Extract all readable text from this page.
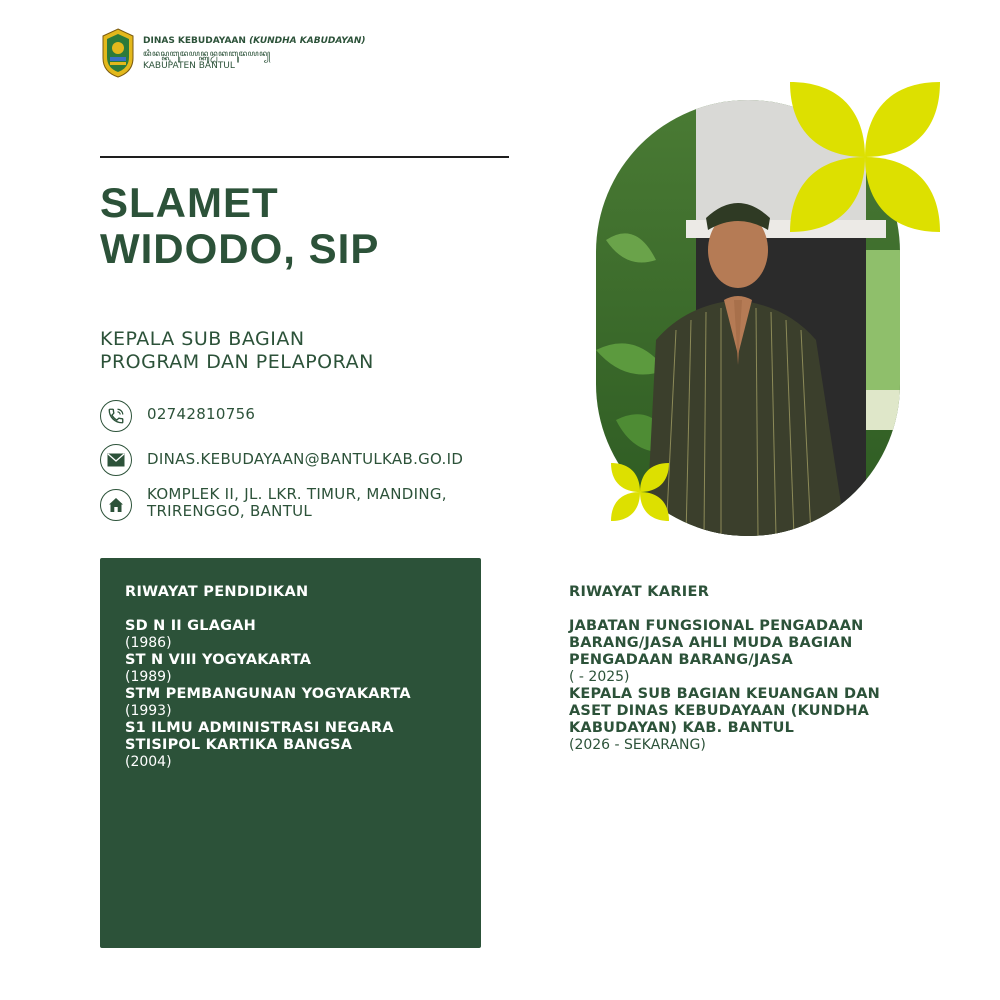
DINAS KEBUDAYAAN (KUNDHA KABUDAYAN)
ꦢꦶꦤꦱ꧀ꦏꦧꦸꦢꦪꦤ꧀ꦏꦸꦤ꧀ꦝꦏꦧꦸꦢꦪꦤ꧀
KABUPATEN BANTUL
SLAMET
WIDODO, SIP
KEPALA SUB BAGIAN
PROGRAM DAN PELAPORAN
02742810756
DINAS.KEBUDAYAAN@BANTULKAB.GO.ID
KOMPLEK II, JL. LKR. TIMUR, MANDING,
TRIRENGGO, BANTUL
RIWAYAT PENDIDIKAN
SD N II GLAGAH
(1986)
ST N VIII YOGYAKARTA
(1989)
STM PEMBANGUNAN YOGYAKARTA
(1993)
S1 ILMU ADMINISTRASI NEGARA
STISIPOL KARTIKA BANGSA
(2004)
RIWAYAT KARIER
JABATAN FUNGSIONAL PENGADAAN
BARANG/JASA AHLI MUDA BAGIAN
PENGADAAN BARANG/JASA
( - 2025)
KEPALA SUB BAGIAN KEUANGAN DAN
ASET DINAS KEBUDAYAAN (KUNDHA
KABUDAYAN) KAB. BANTUL
(2026 - SEKARANG)
